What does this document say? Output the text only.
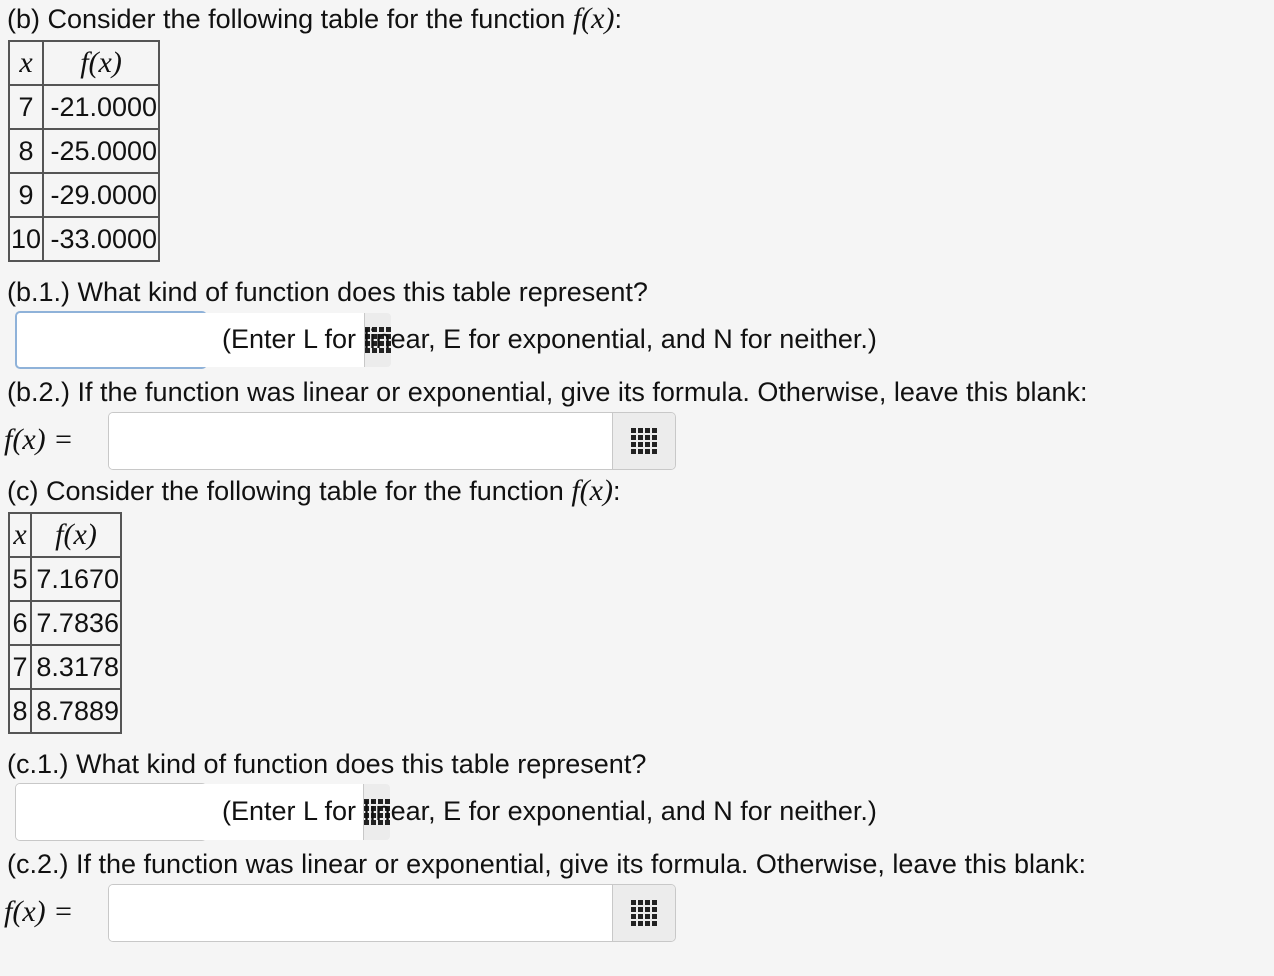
(b) Consider the following table for the function f(x):
x	f(x)
7	-21.0000
8	-25.0000
9	-29.0000
10	-33.0000
(b.1.) What kind of function does this table represent?
(Enter L for linear, E for exponential, and N for neither.)
(b.2.) If the function was linear or exponential, give its formula. Otherwise, leave this blank:
f(x) =
(c) Consider the following table for the function f(x):
x	f(x)
5	7.1670
6	7.7836
7	8.3178
8	8.7889
(c.1.) What kind of function does this table represent?
(Enter L for linear, E for exponential, and N for neither.)
(c.2.) If the function was linear or exponential, give its formula. Otherwise, leave this blank:
f(x) =
